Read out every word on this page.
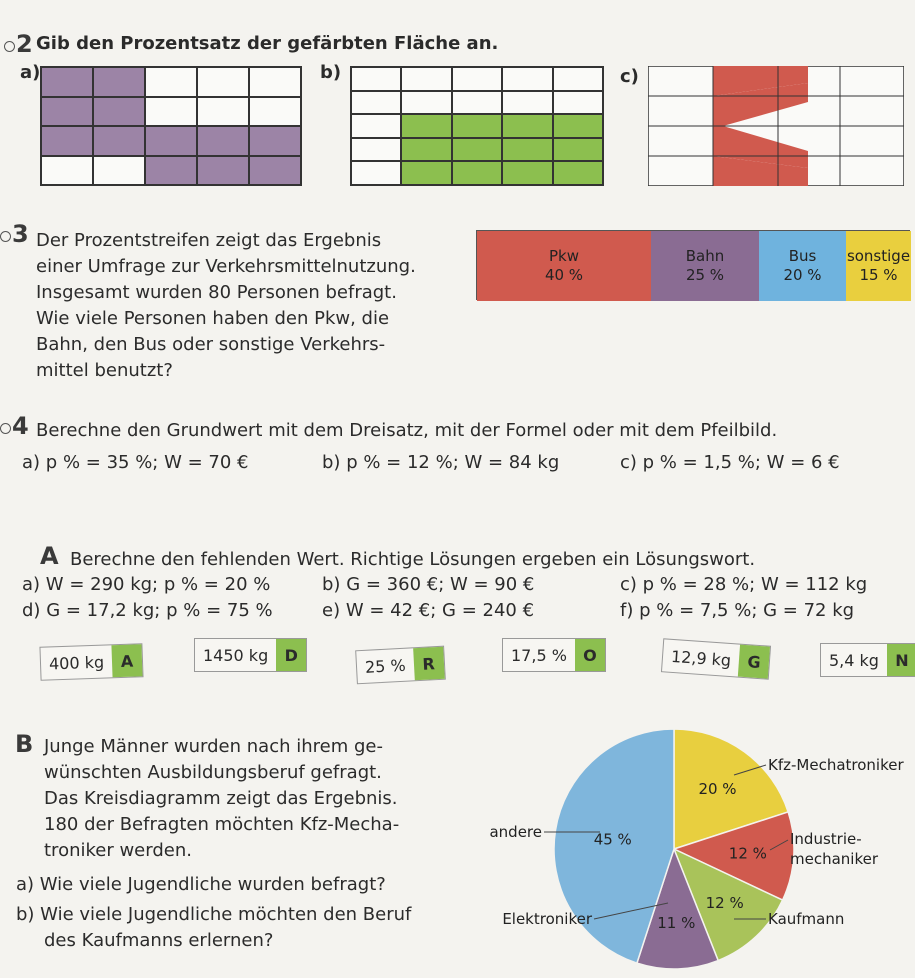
2 Gib den Prozentsatz der gefärbten Fläche an.
a)	b)	c)
3 Der Prozentstreifen zeigt das Ergebnis
einer Umfrage zur Verkehrsmittelnutzung.
Insgesamt wurden 80 Personen befragt.
Wie viele Personen haben den Pkw, die
Bahn, den Bus oder sonstige Verkehrs-
mittel benutzt?
Pkw
40 %
Bahn
25 %
Bus
20 %
sonstige
15 %
4 Berechne den Grundwert mit dem Dreisatz, mit der Formel oder mit dem Pfeilbild.
a) p % = 35 %; W = 70 €	b) p % = 12 %; W = 84 kg	c) p % = 1,5 %; W = 6 €
A Berechne den fehlenden Wert. Richtige Lösungen ergeben ein Lösungswort.
a) W = 290 kg; p % = 20 %	b) G = 360 €; W = 90 €	c) p % = 28 %; W = 112 kg
d) G = 17,2 kg; p % = 75 %	e) W = 42 €; G = 240 €	f) p % = 7,5 %; G = 72 kg
400 kg	A	1450 kg	D
25 % R	17,5 %	O	12,9 kg G	5,4 kg	N
B Junge Männer wurden nach ihrem ge-
wünschten Ausbildungsberuf gefragt.
Das Kreisdiagramm zeigt das Ergebnis.
180 der Befragten möchten Kfz-Mecha-
troniker werden.
a) Wie viele Jugendliche wurden befragt?
b) Wie viele Jugendliche möchten den Beruf
des Kaufmanns erlernen?
20 %
12 %
12 %
11 %
45 %
Kfz-Mechatroniker
Industrie-
mechaniker
Kaufmann
Elektroniker
andere
